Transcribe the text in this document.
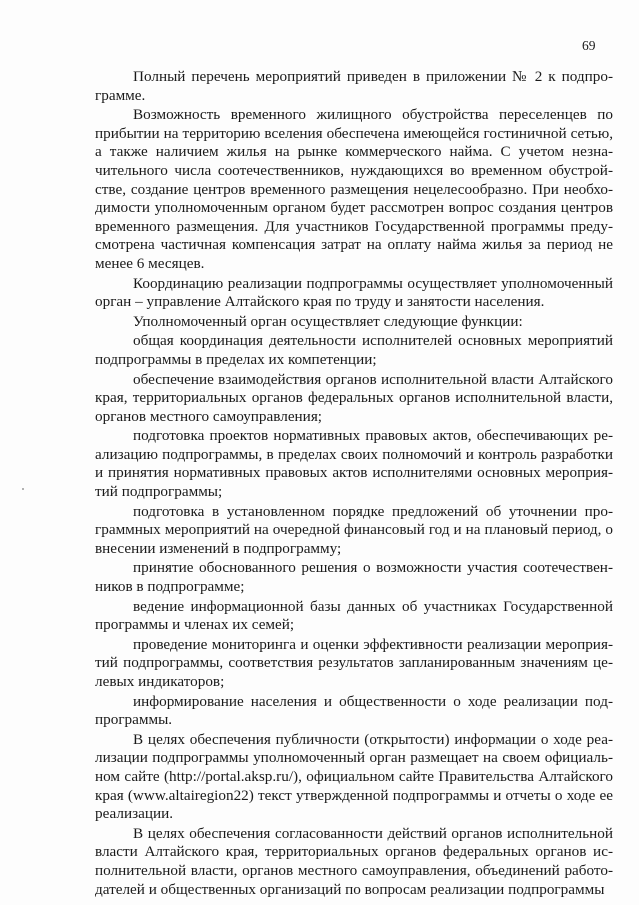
69

Полный перечень мероприятий приведен в приложении № 2 к подпрограмме.

Возможность временного жилищного обустройства переселенцев по прибытии на территорию вселения обеспечена имеющейся гостиничной сетью, а также наличием жилья на рынке коммерческого найма. С учетом незначительного числа соотечественников, нуждающихся во временном обустройстве, создание центров временного размещения нецелесообразно. При необходимости уполномоченным органом будет рассмотрен вопрос создания центров временного размещения. Для участников Государственной программы предусмотрена частичная компенсация затрат на оплату найма жилья за период не менее 6 месяцев.

Координацию реализации подпрограммы осуществляет уполномоченный орган – управление Алтайского края по труду и занятости населения.

Уполномоченный орган осуществляет следующие функции:

общая координация деятельности исполнителей основных мероприятий подпрограммы в пределах их компетенции;

обеспечение взаимодействия органов исполнительной власти Алтайского края, территориальных органов федеральных органов исполнительной власти, органов местного самоуправления;

подготовка проектов нормативных правовых актов, обеспечивающих реализацию подпрограммы, в пределах своих полномочий и контроль разработки и принятия нормативных правовых актов исполнителями основных мероприятий подпрограммы;

подготовка в установленном порядке предложений об уточнении программных мероприятий на очередной финансовый год и на плановый период, о внесении изменений в подпрограмму;

принятие обоснованного решения о возможности участия соотечественников в подпрограмме;

ведение информационной базы данных об участниках Государственной программы и членах их семей;

проведение мониторинга и оценки эффективности реализации мероприятий подпрограммы, соответствия результатов запланированным значениям целевых индикаторов;

информирование населения и общественности о ходе реализации подпрограммы.

В целях обеспечения публичности (открытости) информации о ходе реализации подпрограммы уполномоченный орган размещает на своем официальном сайте (http://portal.aksp.ru/), официальном сайте Правительства Алтайского края (www.altairegion22) текст утвержденной подпрограммы и отчеты о ходе ее реализации.

В целях обеспечения согласованности действий органов исполнительной власти Алтайского края, территориальных органов федеральных органов исполнительной власти, органов местного самоуправления, объединений работодателей и общественных организаций по вопросам реализации подпрограммы
